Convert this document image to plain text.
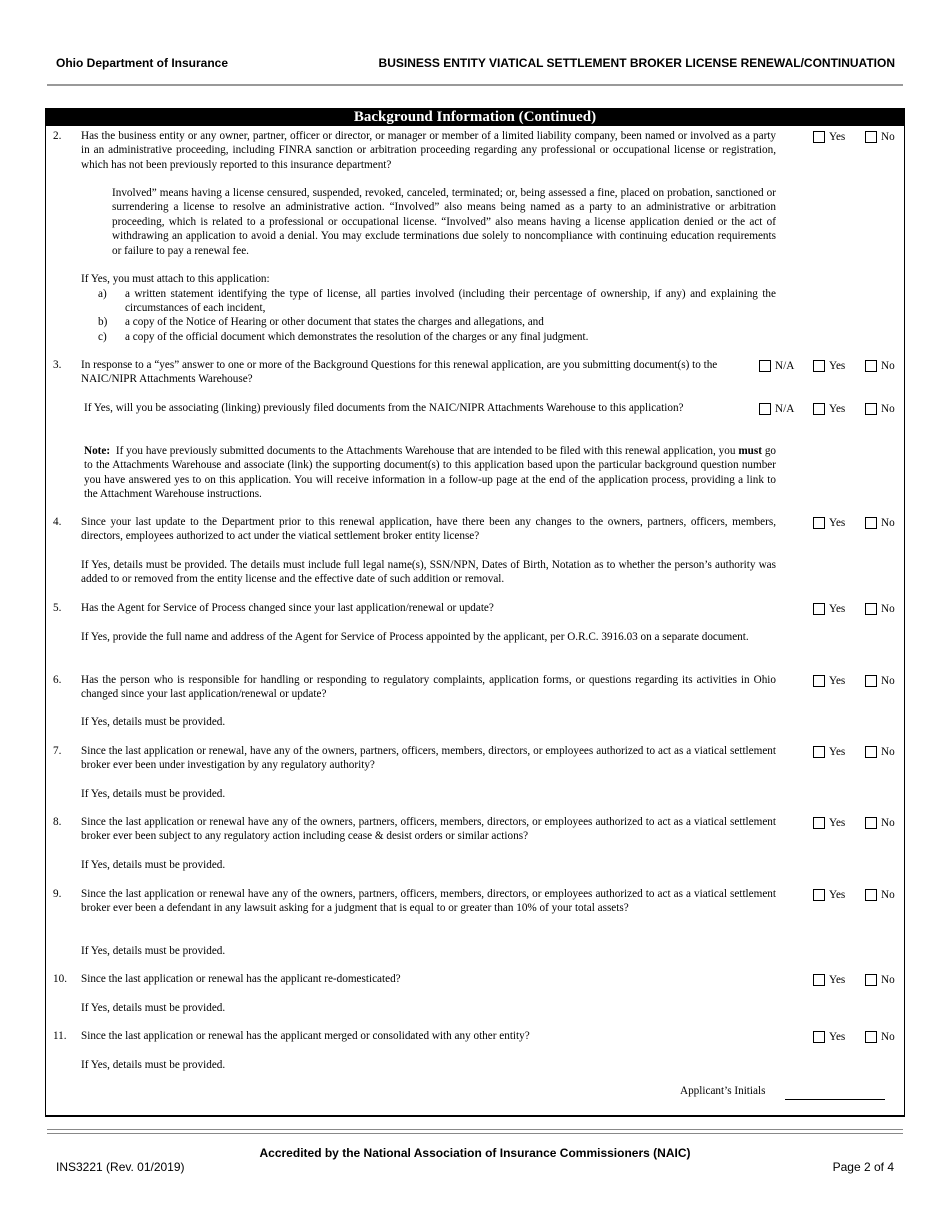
Ohio Department of Insurance	BUSINESS ENTITY VIATICAL SETTLEMENT BROKER LICENSE RENEWAL/CONTINUATION
Background Information (Continued)
2. Has the business entity or any owner, partner, officer or director, or manager or member of a limited liability company, been named or involved as a party in an administrative proceeding, including FINRA sanction or arbitration proceeding regarding any professional or occupational license or registration, which has not been previously reported to this insurance department?
Yes	No
Involved” means having a license censured, suspended, revoked, canceled, terminated; or, being assessed a fine, placed on probation, sanctioned or surrendering a license to resolve an administrative action. “Involved” also means being named as a party to an administrative or arbitration proceeding, which is related to a professional or occupational license. “Involved” also means having a license application denied or the act of withdrawing an application to avoid a denial. You may exclude terminations due solely to noncompliance with continuing education requirements or failure to pay a renewal fee.
If Yes, you must attach to this application:
a) a written statement identifying the type of license, all parties involved (including their percentage of ownership, if any) and explaining the circumstances of each incident,
b) a copy of the Notice of Hearing or other document that states the charges and allegations, and
c) a copy of the official document which demonstrates the resolution of the charges or any final judgment.
3. In response to a “yes” answer to one or more of the Background Questions for this renewal application, are you submitting document(s) to the NAIC/NIPR Attachments Warehouse?
N/A	Yes	No
If Yes, will you be associating (linking) previously filed documents from the NAIC/NIPR Attachments Warehouse to this application?	N/A	Yes	No
Note: If you have previously submitted documents to the Attachments Warehouse that are intended to be filed with this renewal application, you must go to the Attachments Warehouse and associate (link) the supporting document(s) to this application based upon the particular background question number you have answered yes to on this application. You will receive information in a follow-up page at the end of the application process, providing a link to the Attachment Warehouse instructions.
4. Since your last update to the Department prior to this renewal application, have there been any changes to the owners, partners, officers, members, directors, employees authorized to act under the viatical settlement broker entity license?
Yes	No
If Yes, details must be provided. The details must include full legal name(s), SSN/NPN, Dates of Birth, Notation as to whether the person’s authority was added to or removed from the entity license and the effective date of such addition or removal.
5. Has the Agent for Service of Process changed since your last application/renewal or update?	Yes	No
If Yes, provide the full name and address of the Agent for Service of Process appointed by the applicant, per O.R.C. 3916.03 on a separate document.
6. Has the person who is responsible for handling or responding to regulatory complaints, application forms, or questions regarding its activities in Ohio changed since your last application/renewal or update?
Yes	No
If Yes, details must be provided.
7. Since the last application or renewal, have any of the owners, partners, officers, members, directors, or employees authorized to act as a viatical settlement broker ever been under investigation by any regulatory authority?
Yes	No
If Yes, details must be provided.
8. Since the last application or renewal have any of the owners, partners, officers, members, directors, or employees authorized to act as a viatical settlement broker ever been subject to any regulatory action including cease & desist orders or similar actions?
Yes	No
If Yes, details must be provided.
9. Since the last application or renewal have any of the owners, partners, officers, members, directors, or employees authorized to act as a viatical settlement broker ever been a defendant in any lawsuit asking for a judgment that is equal to or greater than 10% of your total assets?
Yes	No
If Yes, details must be provided.
10. Since the last application or renewal has the applicant re-domesticated?	Yes	No
If Yes, details must be provided.
11. Since the last application or renewal has the applicant merged or consolidated with any other entity?	Yes	No
If Yes, details must be provided.
Applicant’s Initials
Accredited by the National Association of Insurance Commissioners (NAIC)
INS3221 (Rev. 01/2019)	Page 2 of 4
